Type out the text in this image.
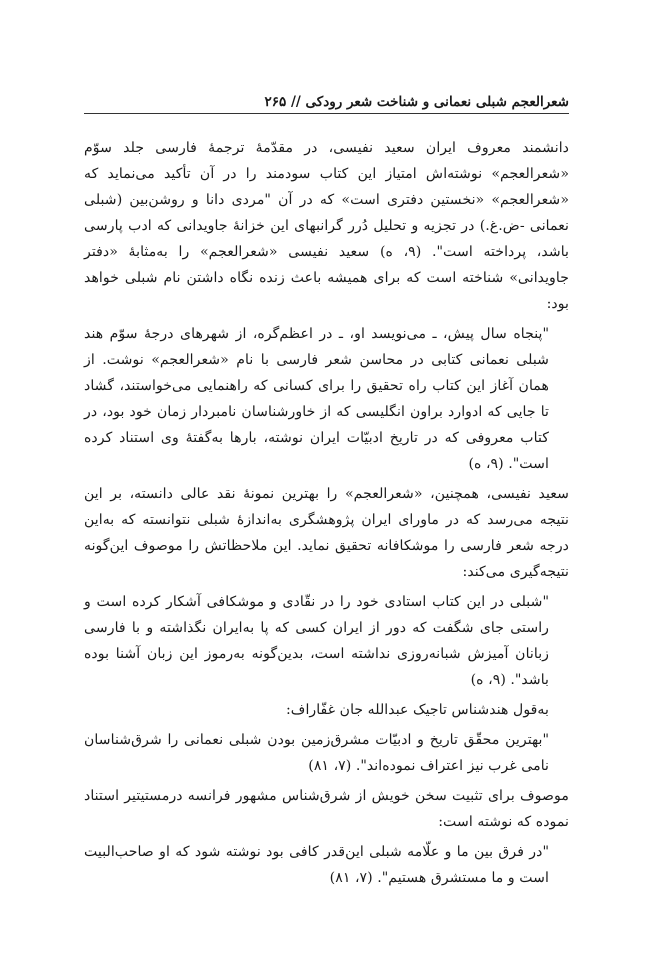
شعرالعجم شبلی نعمانی و شناخت شعر رودکی // ۲۶۵

دانشمند معروف ایران سعید نفیسی، در مقدّمۀ ترجمۀ فارسی جلد سوّم «شعرالعجم» نوشته‌اش امتیاز این کتاب سودمند را در آن تأکید می‌نماید که «شعرالعجم» «نخستین دفتری است» که در آن "مردی دانا و روشن‌بین (شبلی نعمانی -ض.غ.) در تجزیه و تحلیل دُرر گرانبهای این خزانۀ جاویدانی که ادب پارسی باشد، پرداخته است". (۹، ه) سعید نفیسی «شعرالعجم» را به‌مثابۀ «دفتر جاویدانی» شناخته است که برای همیشه باعث زنده نگاه داشتن نام شبلی خواهد بود:

"پنجاه سال پیش، ـ می‌نویسد او، ـ در اعظم‌گره، از شهرهای درجۀ سوّم هند شبلی نعمانی کتابی در محاسن شعر فارسی با نام «شعرالعجم» نوشت. از همان آغاز این کتاب راه تحقیق را برای کسانی که راهنمایی می‌خواستند، گشاد تا جایی که ادوارد براون انگلیسی که از خاورشناسان نامبردار زمان خود بود، در کتاب معروفی که در تاریخ ادبیّات ایران نوشته، بارها به‌گفتۀ وی استناد کرده است". (۹، ه)

سعید نفیسی، همچنین، «شعرالعجم» را بهترین نمونۀ نقد عالی دانسته، بر این نتیجه می‌رسد که در ماورای ایران پژوهشگری به‌اندازۀ شبلی نتوانسته که به‌این درجه شعر فارسی را موشکافانه تحقیق نماید. این ملاحظاتش را موصوف این‌گونه نتیجه‌گیری می‌کند:

"شبلی در این کتاب استادی خود را در نقّادی و موشکافی آشکار کرده است و راستی جای شگفت که دور از ایران کسی که پا به‌ایران نگذاشته و با فارسی زبانان آمیزش شبانه‌روزی نداشته است، بدین‌گونه به‌رموز این زبان آشنا بوده باشد". (۹، ه)

به‌قول هندشناس تاجیک عبدالله جان غفّاراف:

"بهترین محقّق تاریخ و ادبیّات مشرق‌زمین بودن شبلی نعمانی را شرق‌شناسان نامی غرب نیز اعتراف نموده‌اند". (۷، ۸۱)

موصوف برای تثبیت سخن خویش از شرق‌شناس مشهور فرانسه درمستیتیر استناد نموده که نوشته است:

"در فرق بین ما و علّامه شبلی این‌قدر کافی بود نوشته شود که او صاحب‌البیت است و ما مستشرق هستیم". (۷، ۸۱)
